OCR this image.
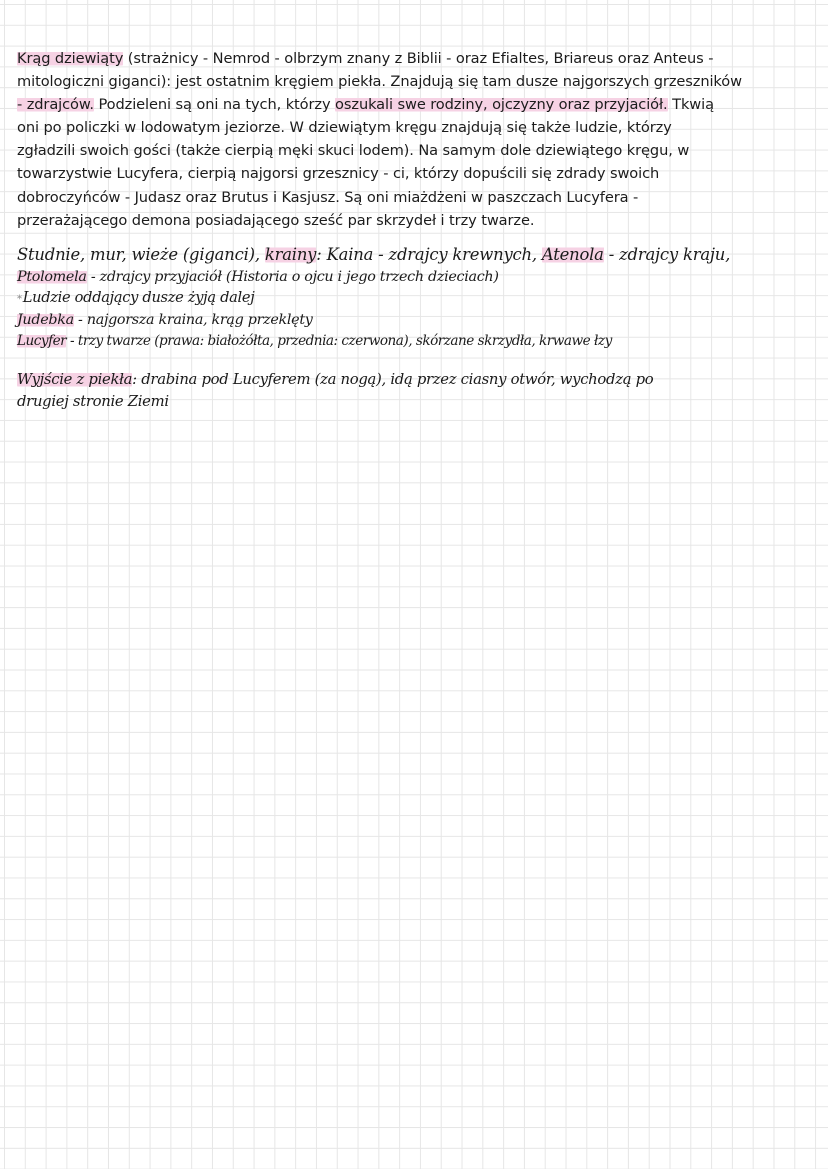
Krąg dziewiąty (strażnicy - Nemrod - olbrzym znany z Biblii - oraz Efialtes, Briareus oraz Anteus -
mitologiczni giganci): jest ostatnim kręgiem piekła. Znajdują się tam dusze najgorszych grzeszników
- zdrajców. Podzieleni są oni na tych, którzy oszukali swe rodziny, ojczyzny oraz przyjaciół. Tkwią
oni po policzki w lodowatym jeziorze. W dziewiątym kręgu znajdują się także ludzie, którzy
zgładzili swoich gości (także cierpią męki skuci lodem). Na samym dole dziewiątego kręgu, w
towarzystwie Lucyfera, cierpią najgorsi grzesznicy - ci, którzy dopuścili się zdrady swoich
dobroczyńców - Judasz oraz Brutus i Kasjusz. Są oni miażdżeni w paszczach Lucyfera -
przerażającego demona posiadającego sześć par skrzydeł i trzy twarze.
Studnie, mur, wieże (giganci), krainy: Kaina - zdrajcy krewnych, Atenola - zdrajcy kraju,
Ptolomela - zdrajcy przyjaciół (Historia o ojcu i jego trzech dzieciach)
*Ludzie oddający dusze żyją dalej
Judebka - najgorsza kraina, krąg przeklęty
Lucyfer - trzy twarze (prawa: białożółta, przednia: czerwona), skórzane skrzydła, krwawe łzy
Wyjście z piekła: drabina pod Lucyferem (za nogą), idą przez ciasny otwór, wychodzą po
drugiej stronie Ziemi
